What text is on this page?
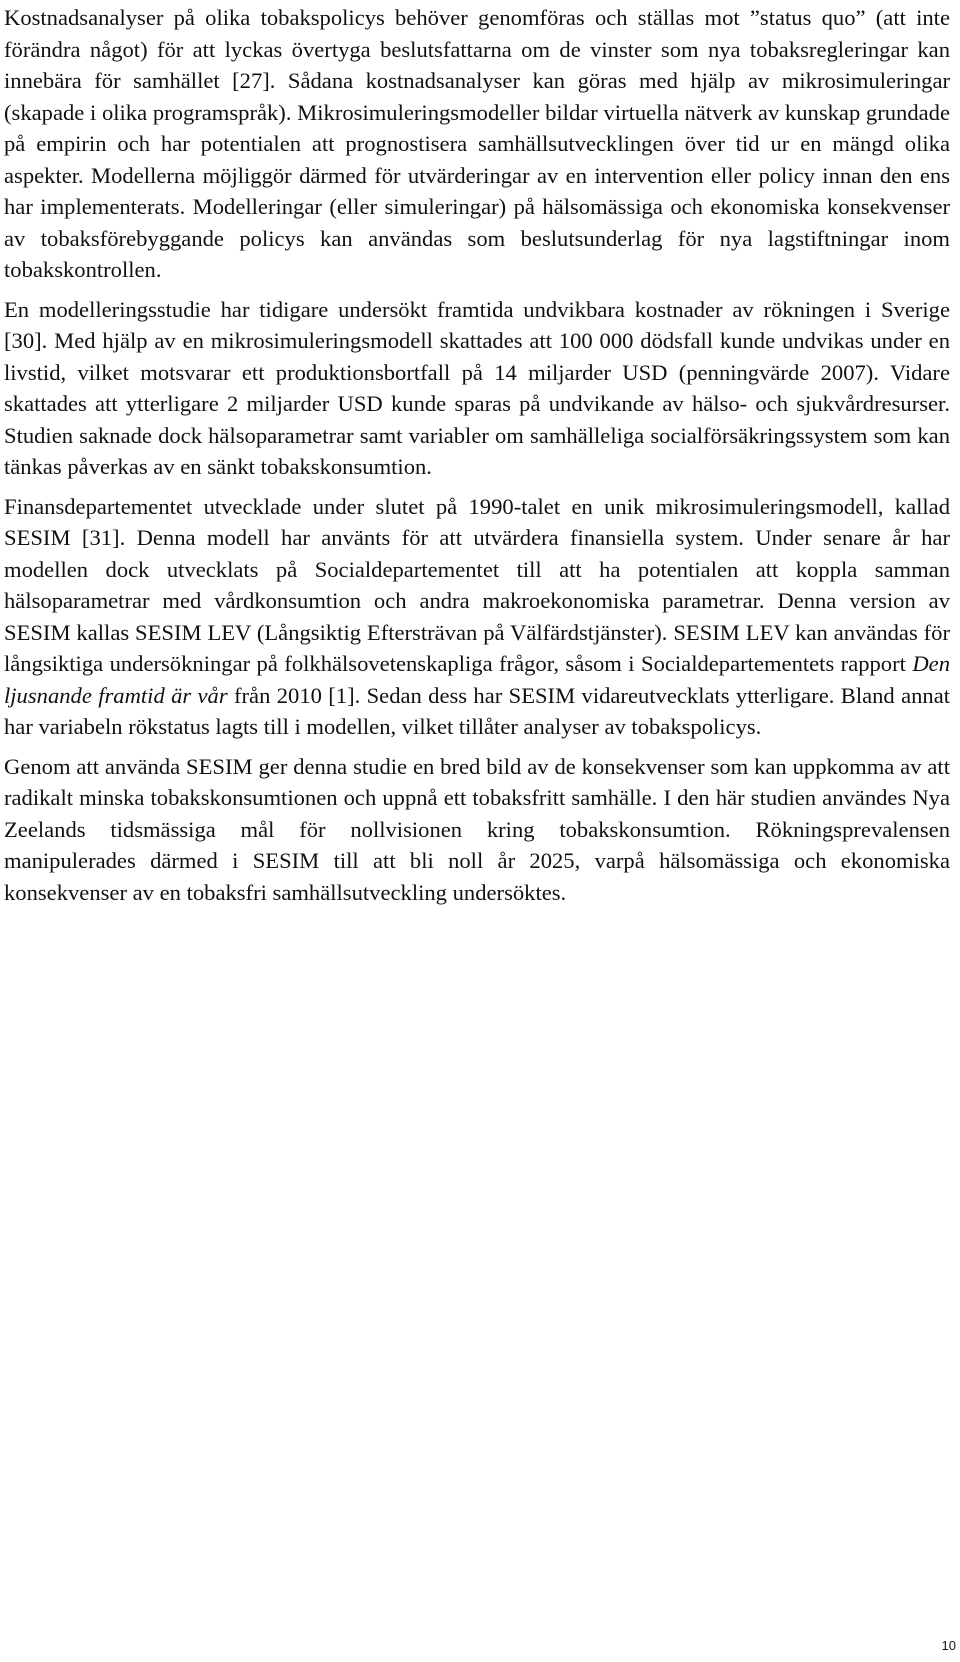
Kostnadsanalyser på olika tobakspolicys behöver genomföras och ställas mot ”status quo” (att inte förändra något) för att lyckas övertyga beslutsfattarna om de vinster som nya tobaksregleringar kan innebära för samhället [27]. Sådana kostnadsanalyser kan göras med hjälp av mikrosimuleringar (skapade i olika programspråk). Mikrosimuleringsmodeller bildar virtuella nätverk av kunskap grundade på empirin och har potentialen att prognostisera samhällsutvecklingen över tid ur en mängd olika aspekter. Modellerna möjliggör därmed för utvärderingar av en intervention eller policy innan den ens har implementerats. Modelleringar (eller simuleringar) på hälsomässiga och ekonomiska konsekvenser av tobaksförebyggande policys kan användas som beslutsunderlag för nya lagstiftningar inom tobakskontrollen.

En modelleringsstudie har tidigare undersökt framtida undvikbara kostnader av rökningen i Sverige [30]. Med hjälp av en mikrosimuleringsmodell skattades att 100 000 dödsfall kunde undvikas under en livstid, vilket motsvarar ett produktionsbortfall på 14 miljarder USD (penningvärde 2007). Vidare skattades att ytterligare 2 miljarder USD kunde sparas på undvikande av hälso- och sjukvårdresurser. Studien saknade dock hälsoparametrar samt variabler om samhälleliga socialförsäkringssystem som kan tänkas påverkas av en sänkt tobakskonsumtion.

Finansdepartementet utvecklade under slutet på 1990-talet en unik mikrosimuleringsmodell, kallad SESIM [31]. Denna modell har använts för att utvärdera finansiella system. Under senare år har modellen dock utvecklats på Socialdepartementet till att ha potentialen att koppla samman hälsoparametrar med vårdkonsumtion och andra makroekonomiska parametrar. Denna version av SESIM kallas SESIM LEV (Långsiktig Eftersträvan på Välfärdstjänster). SESIM LEV kan användas för långsiktiga undersökningar på folkhälsovetenskapliga frågor, såsom i Socialdepartementets rapport Den ljusnande framtid är vår från 2010 [1]. Sedan dess har SESIM vidareutvecklats ytterligare. Bland annat har variabeln rökstatus lagts till i modellen, vilket tillåter analyser av tobakspolicys.

Genom att använda SESIM ger denna studie en bred bild av de konsekvenser som kan uppkomma av att radikalt minska tobakskonsumtionen och uppnå ett tobaksfritt samhälle. I den här studien användes Nya Zeelands tidsmässiga mål för nollvisionen kring tobakskonsumtion. Rökningsprevalensen manipulerades därmed i SESIM till att bli noll år 2025, varpå hälsomässiga och ekonomiska konsekvenser av en tobaksfri samhällsutveckling undersöktes.

10
